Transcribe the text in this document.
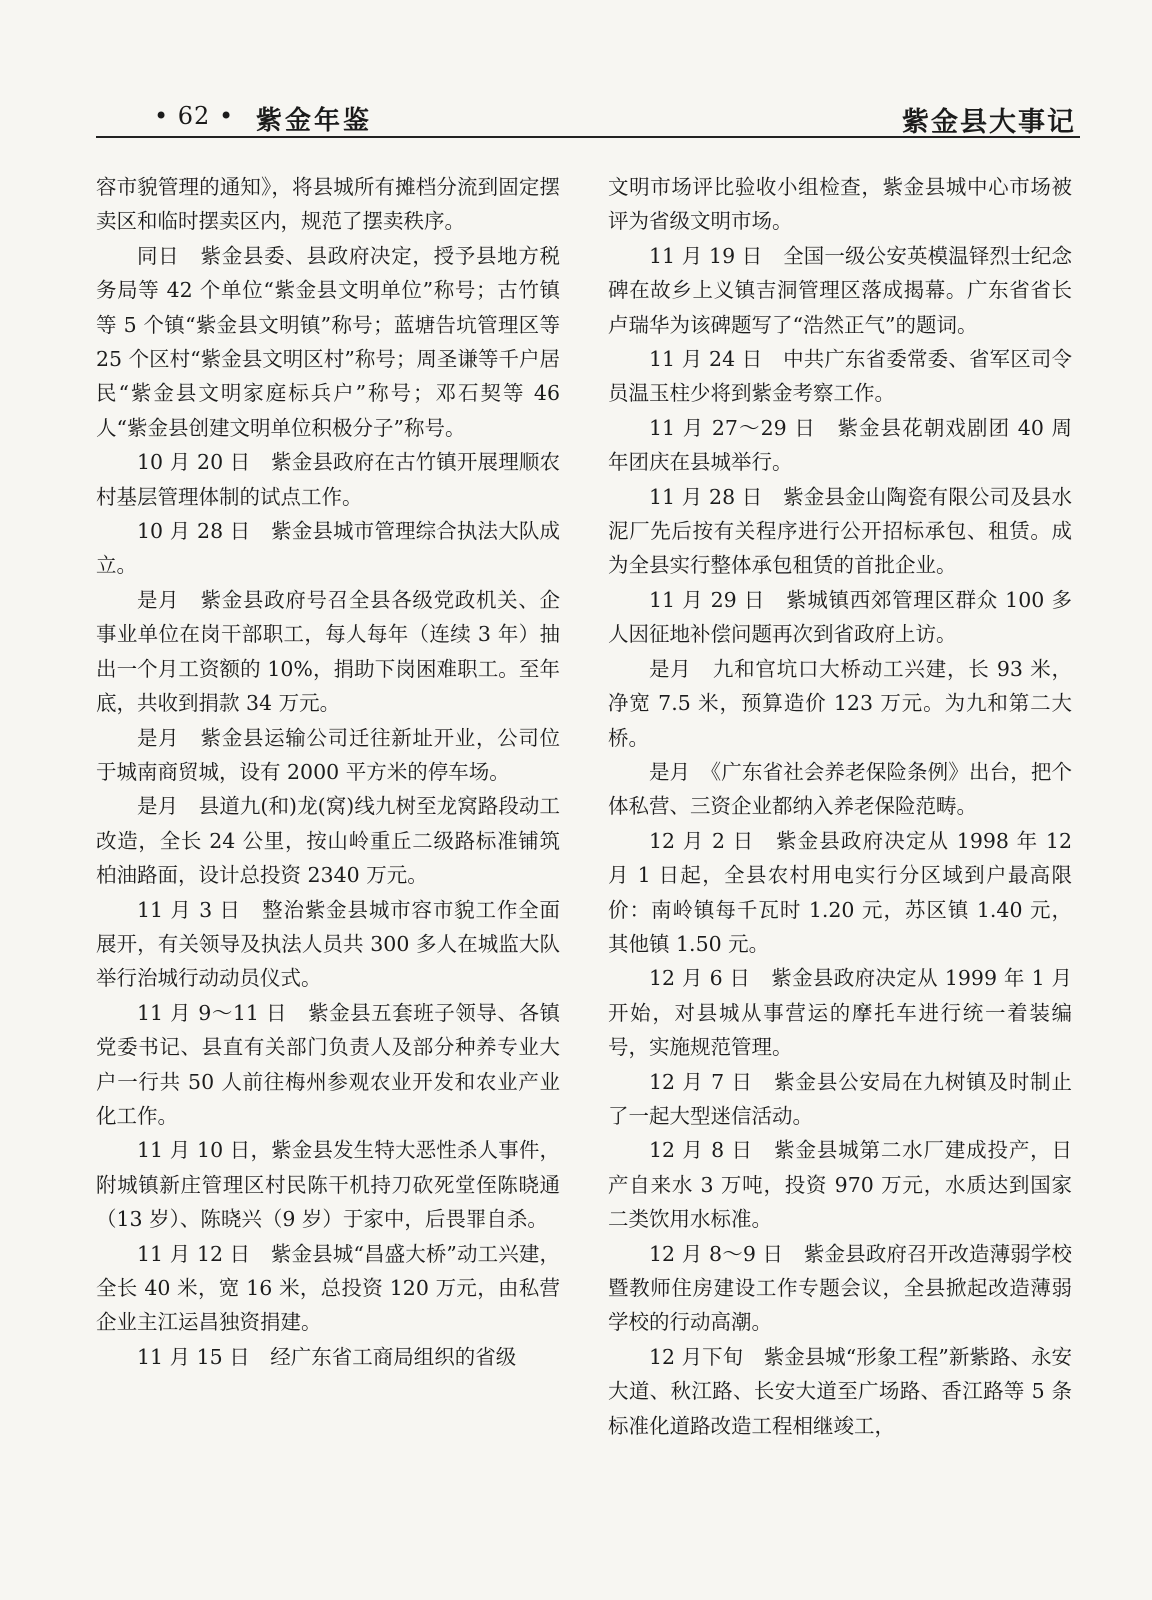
• 62 • 紫金年鉴	紫金县大事记

容市貌管理的通知》，将县城所有摊档分流到固定摆卖区和临时摆卖区内，规范了摆卖秩序。

同日　紫金县委、县政府决定，授予县地方税务局等 42 个单位“紫金县文明单位”称号；古竹镇等 5 个镇“紫金县文明镇”称号；蓝塘告坑管理区等 25 个区村“紫金县文明区村”称号；周圣谦等千户居民“紫金县文明家庭标兵户”称号；邓石契等 46 人“紫金县创建文明单位积极分子”称号。

10 月 20 日　紫金县政府在古竹镇开展理顺农村基层管理体制的试点工作。

10 月 28 日　紫金县城市管理综合执法大队成立。

是月　紫金县政府号召全县各级党政机关、企事业单位在岗干部职工，每人每年（连续 3 年）抽出一个月工资额的 10%，捐助下岗困难职工。至年底，共收到捐款 34 万元。

是月　紫金县运输公司迁往新址开业，公司位于城南商贸城，设有 2000 平方米的停车场。

是月　县道九(和)龙(窝)线九树至龙窝路段动工改造，全长 24 公里，按山岭重丘二级路标准铺筑柏油路面，设计总投资 2340 万元。

11 月 3 日　整治紫金县城市容市貌工作全面展开，有关领导及执法人员共 300 多人在城监大队举行治城行动动员仪式。

11 月 9～11 日　紫金县五套班子领导、各镇党委书记、县直有关部门负责人及部分种养专业大户一行共 50 人前往梅州参观农业开发和农业产业化工作。

11 月 10 日，紫金县发生特大恶性杀人事件，附城镇新庄管理区村民陈干机持刀砍死堂侄陈晓通（13 岁）、陈晓兴（9 岁）于家中，后畏罪自杀。

11 月 12 日　紫金县城“昌盛大桥”动工兴建，全长 40 米，宽 16 米，总投资 120 万元，由私营企业主江运昌独资捐建。

11 月 15 日　经广东省工商局组织的省级

文明市场评比验收小组检查，紫金县城中心市场被评为省级文明市场。

11 月 19 日　全国一级公安英模温铎烈士纪念碑在故乡上义镇吉洞管理区落成揭幕。广东省省长卢瑞华为该碑题写了“浩然正气”的题词。

11 月 24 日　中共广东省委常委、省军区司令员温玉柱少将到紫金考察工作。

11 月 27～29 日　紫金县花朝戏剧团 40 周年团庆在县城举行。

11 月 28 日　紫金县金山陶瓷有限公司及县水泥厂先后按有关程序进行公开招标承包、租赁。成为全县实行整体承包租赁的首批企业。

11 月 29 日　紫城镇西郊管理区群众 100 多人因征地补偿问题再次到省政府上访。

是月　九和官坑口大桥动工兴建，长 93 米，净宽 7.5 米，预算造价 123 万元。为九和第二大桥。

是月　《广东省社会养老保险条例》出台，把个体私营、三资企业都纳入养老保险范畴。

12 月 2 日　紫金县政府决定从 1998 年 12 月 1 日起，全县农村用电实行分区域到户最高限价：南岭镇每千瓦时 1.20 元，苏区镇 1.40 元，其他镇 1.50 元。

12 月 6 日　紫金县政府决定从 1999 年 1 月开始，对县城从事营运的摩托车进行统一着装编号，实施规范管理。

12 月 7 日　紫金县公安局在九树镇及时制止了一起大型迷信活动。

12 月 8 日　紫金县城第二水厂建成投产，日产自来水 3 万吨，投资 970 万元，水质达到国家二类饮用水标准。

12 月 8～9 日　紫金县政府召开改造薄弱学校暨教师住房建设工作专题会议，全县掀起改造薄弱学校的行动高潮。

12 月下旬　紫金县城“形象工程”新紫路、永安大道、秋江路、长安大道至广场路、香江路等 5 条标准化道路改造工程相继竣工，
